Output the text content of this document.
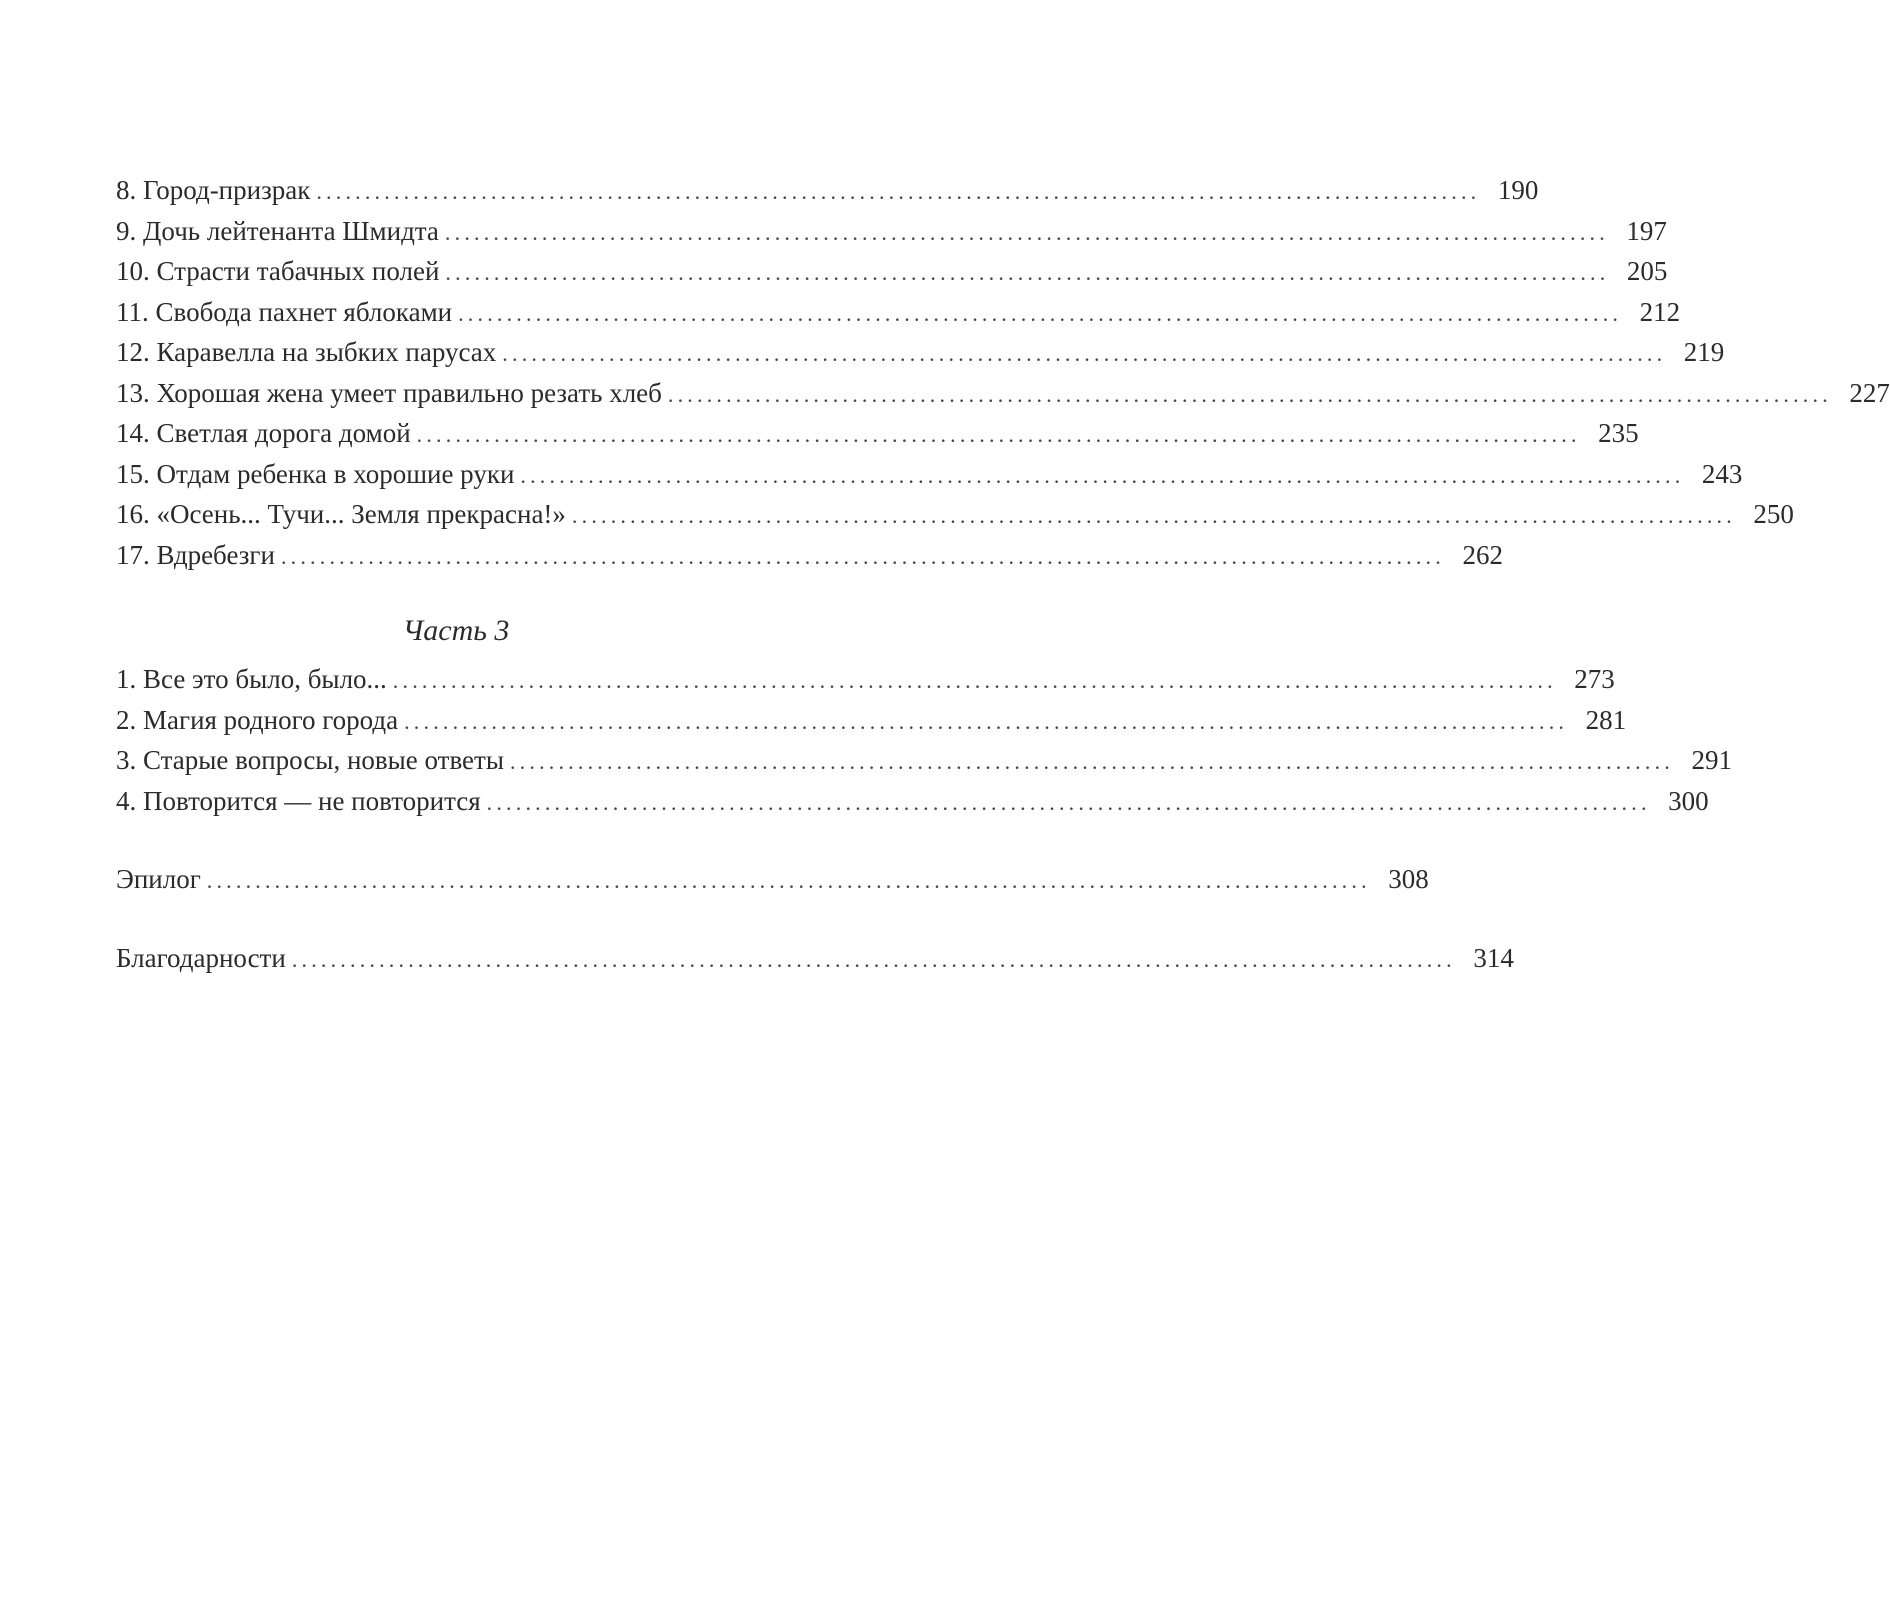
8. Город-призрак ........................................................................................................................ 190
9. Дочь лейтенанта Шмидта ........................................................................................................................ 197
10. Страсти табачных полей ........................................................................................................................ 205
11. Свобода пахнет яблоками ........................................................................................................................ 212
12. Каравелла на зыбких парусах ........................................................................................................................ 219
13. Хорошая жена умеет правильно резать хлеб ........................................................................................................................ 227
14. Светлая дорога домой ........................................................................................................................ 235
15. Отдам ребенка в хорошие руки ........................................................................................................................ 243
16. «Осень... Тучи... Земля прекрасна!» ........................................................................................................................ 250
17. Вдребезги ........................................................................................................................ 262
Часть 3
1. Все это было, было... ........................................................................................................................ 273
2. Магия родного города ........................................................................................................................ 281
3. Старые вопросы, новые ответы ........................................................................................................................ 291
4. Повторится — не повторится ........................................................................................................................ 300
Эпилог ........................................................................................................................ 308
Благодарности ........................................................................................................................ 314
